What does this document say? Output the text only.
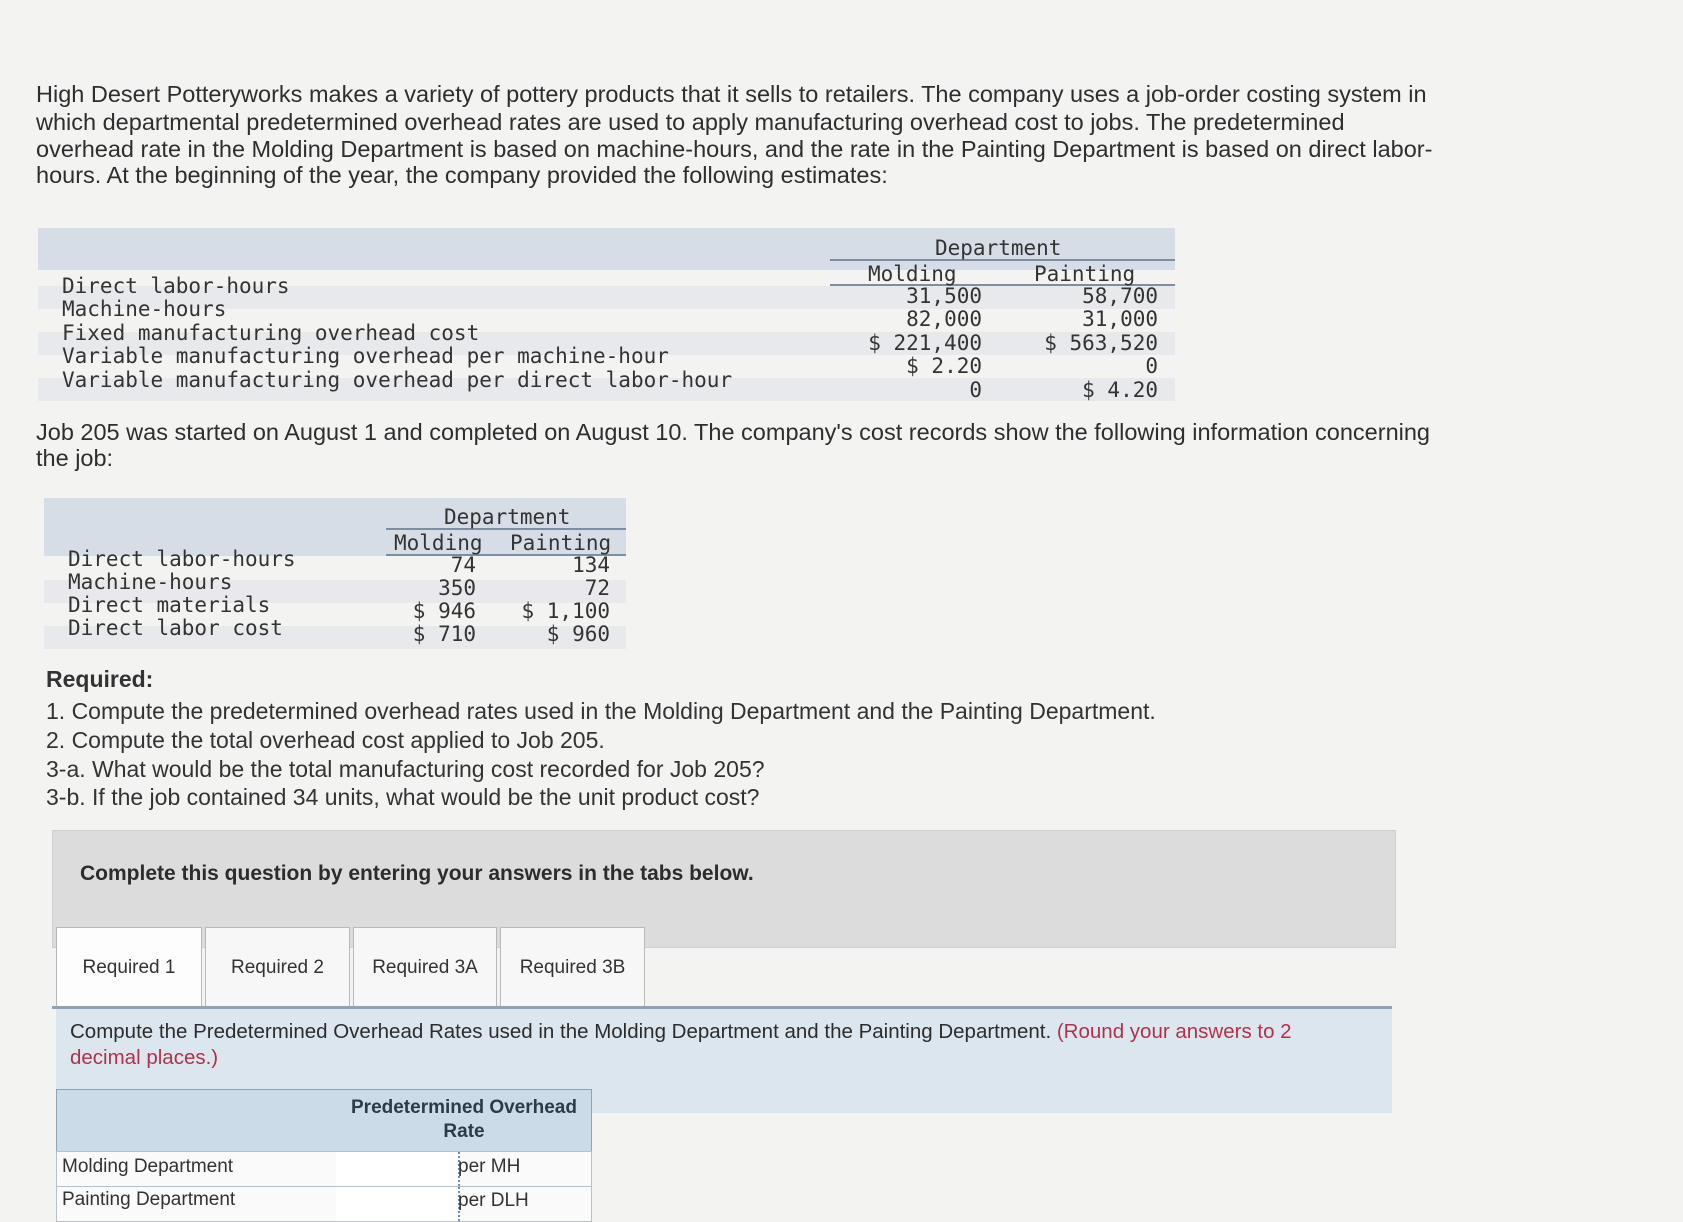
High Desert Potteryworks makes a variety of pottery products that it sells to retailers. The company uses a job-order costing system in
which departmental predetermined overhead rates are used to apply manufacturing overhead cost to jobs. The predetermined
overhead rate in the Molding Department is based on machine-hours, and the rate in the Painting Department is based on direct labor-
hours. At the beginning of the year, the company provided the following estimates:
Department
Molding	Painting
Direct labor-hours	31,500	58,700
Machine-hours	82,000	31,000
Fixed manufacturing overhead cost	$ 221,400	$ 563,520
Variable manufacturing overhead per machine-hour	$ 2.20	0
Variable manufacturing overhead per direct labor-hour	0	$ 4.20
Job 205 was started on August 1 and completed on August 10. The company's cost records show the following information concerning
the job:
Department
Molding Painting
Direct labor-hours	74	134
Machine-hours	350	72
Direct materials	$ 946	$ 1,100
Direct labor cost	$ 710	$ 960
Required:
1. Compute the predetermined overhead rates used in the Molding Department and the Painting Department.
2. Compute the total overhead cost applied to Job 205.
3-a. What would be the total manufacturing cost recorded for Job 205?
3-b. If the job contained 34 units, what would be the unit product cost?
Complete this question by entering your answers in the tabs below.
Required 1	Required 2	Required 3A	Required 3B
Compute the Predetermined Overhead Rates used in the Molding Department and the Painting Department. (Round your answers to 2 decimal places.)
Predetermined Overhead Rate
Molding Department	per MH
Painting Department	per DLH
